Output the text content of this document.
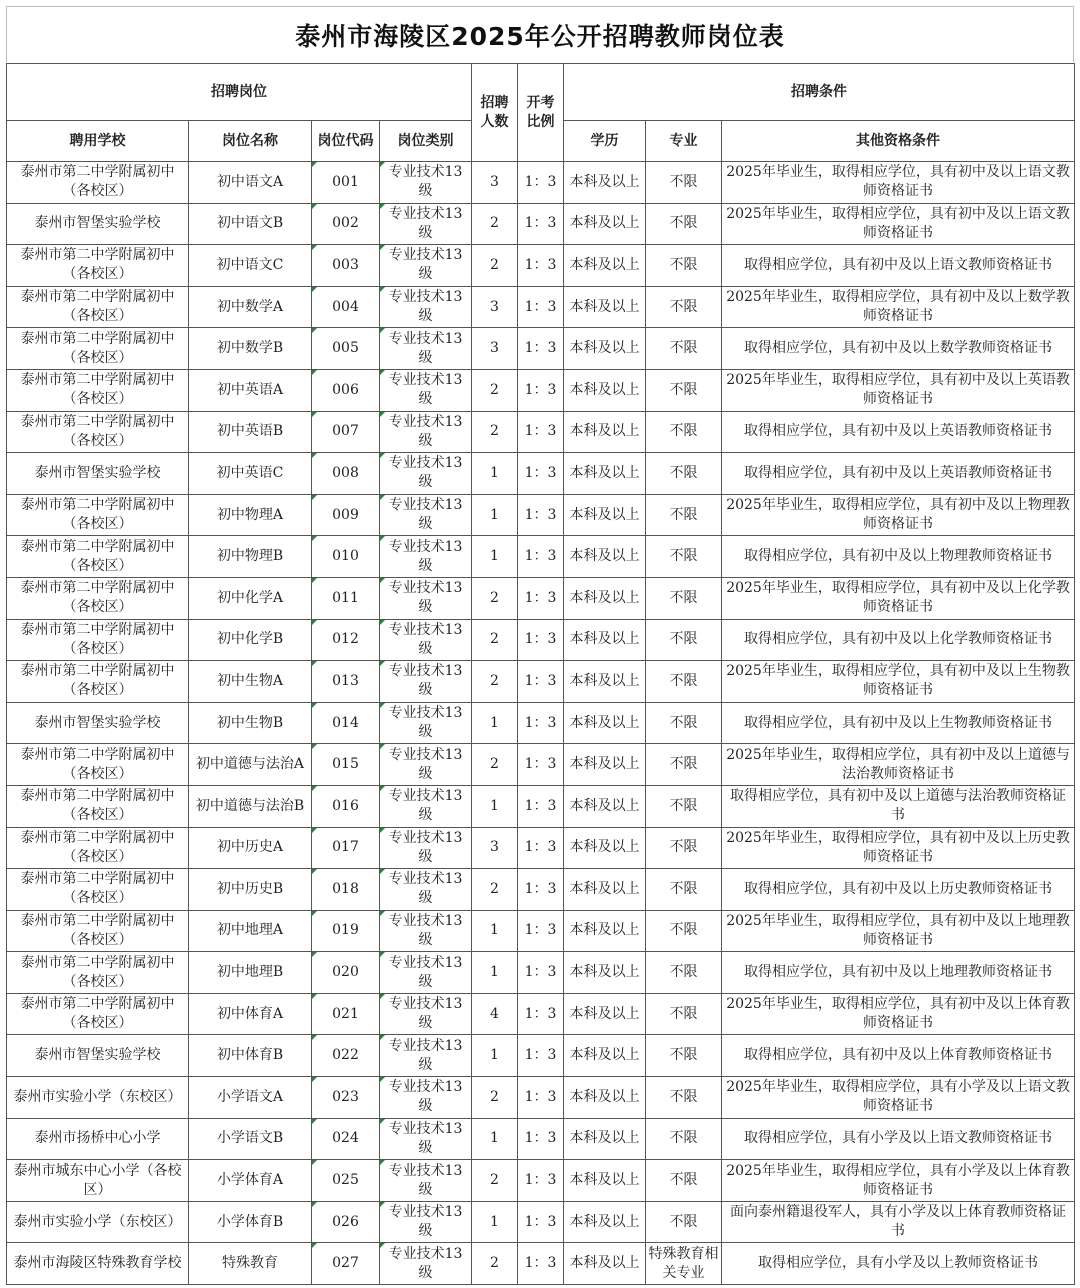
泰州市海陵区2025年公开招聘教师岗位表
招聘岗位				招聘人数	开考比例	招聘条件		
聘用学校	岗位名称	岗位代码	岗位类别			学历	专业	其他资格条件
泰州市第二中学附属初中（各校区）	初中语文A	001	专业技术13级	3	1：3	本科及以上	不限	2025年毕业生，取得相应学位，具有初中及以上语文教师资格证书
泰州市智堡实验学校	初中语文B	002	专业技术13级	2	1：3	本科及以上	不限	2025年毕业生，取得相应学位，具有初中及以上语文教师资格证书
泰州市第二中学附属初中（各校区）	初中语文C	003	专业技术13级	2	1：3	本科及以上	不限	取得相应学位，具有初中及以上语文教师资格证书
泰州市第二中学附属初中（各校区）	初中数学A	004	专业技术13级	3	1：3	本科及以上	不限	2025年毕业生，取得相应学位，具有初中及以上数学教师资格证书
泰州市第二中学附属初中（各校区）	初中数学B	005	专业技术13级	3	1：3	本科及以上	不限	取得相应学位，具有初中及以上数学教师资格证书
泰州市第二中学附属初中（各校区）	初中英语A	006	专业技术13级	2	1：3	本科及以上	不限	2025年毕业生，取得相应学位，具有初中及以上英语教师资格证书
泰州市第二中学附属初中（各校区）	初中英语B	007	专业技术13级	2	1：3	本科及以上	不限	取得相应学位，具有初中及以上英语教师资格证书
泰州市智堡实验学校	初中英语C	008	专业技术13级	1	1：3	本科及以上	不限	取得相应学位，具有初中及以上英语教师资格证书
泰州市第二中学附属初中（各校区）	初中物理A	009	专业技术13级	1	1：3	本科及以上	不限	2025年毕业生，取得相应学位，具有初中及以上物理教师资格证书
泰州市第二中学附属初中（各校区）	初中物理B	010	专业技术13级	1	1：3	本科及以上	不限	取得相应学位，具有初中及以上物理教师资格证书
泰州市第二中学附属初中（各校区）	初中化学A	011	专业技术13级	2	1：3	本科及以上	不限	2025年毕业生，取得相应学位，具有初中及以上化学教师资格证书
泰州市第二中学附属初中（各校区）	初中化学B	012	专业技术13级	2	1：3	本科及以上	不限	取得相应学位，具有初中及以上化学教师资格证书
泰州市第二中学附属初中（各校区）	初中生物A	013	专业技术13级	2	1：3	本科及以上	不限	2025年毕业生，取得相应学位，具有初中及以上生物教师资格证书
泰州市智堡实验学校	初中生物B	014	专业技术13级	1	1：3	本科及以上	不限	取得相应学位，具有初中及以上生物教师资格证书
泰州市第二中学附属初中（各校区）	初中道德与法治A	015	专业技术13级	2	1：3	本科及以上	不限	2025年毕业生，取得相应学位，具有初中及以上道德与法治教师资格证书
泰州市第二中学附属初中（各校区）	初中道德与法治B	016	专业技术13级	1	1：3	本科及以上	不限	取得相应学位，具有初中及以上道德与法治教师资格证书
泰州市第二中学附属初中（各校区）	初中历史A	017	专业技术13级	3	1：3	本科及以上	不限	2025年毕业生，取得相应学位，具有初中及以上历史教师资格证书
泰州市第二中学附属初中（各校区）	初中历史B	018	专业技术13级	2	1：3	本科及以上	不限	取得相应学位，具有初中及以上历史教师资格证书
泰州市第二中学附属初中（各校区）	初中地理A	019	专业技术13级	1	1：3	本科及以上	不限	2025年毕业生，取得相应学位，具有初中及以上地理教师资格证书
泰州市第二中学附属初中（各校区）	初中地理B	020	专业技术13级	1	1：3	本科及以上	不限	取得相应学位，具有初中及以上地理教师资格证书
泰州市第二中学附属初中（各校区）	初中体育A	021	专业技术13级	4	1：3	本科及以上	不限	2025年毕业生，取得相应学位，具有初中及以上体育教师资格证书
泰州市智堡实验学校	初中体育B	022	专业技术13级	1	1：3	本科及以上	不限	取得相应学位，具有初中及以上体育教师资格证书
泰州市实验小学（东校区）	小学语文A	023	专业技术13级	2	1：3	本科及以上	不限	2025年毕业生，取得相应学位，具有小学及以上语文教师资格证书
泰州市扬桥中心小学	小学语文B	024	专业技术13级	1	1：3	本科及以上	不限	取得相应学位，具有小学及以上语文教师资格证书
泰州市城东中心小学（各校区）	小学体育A	025	专业技术13级	2	1：3	本科及以上	不限	2025年毕业生，取得相应学位，具有小学及以上体育教师资格证书
泰州市实验小学（东校区）	小学体育B	026	专业技术13级	1	1：3	本科及以上	不限	面向泰州籍退役军人，具有小学及以上体育教师资格证书
泰州市海陵区特殊教育学校	特殊教育	027	专业技术13级	2	1：3	本科及以上	特殊教育相关专业	取得相应学位，具有小学及以上教师资格证书
